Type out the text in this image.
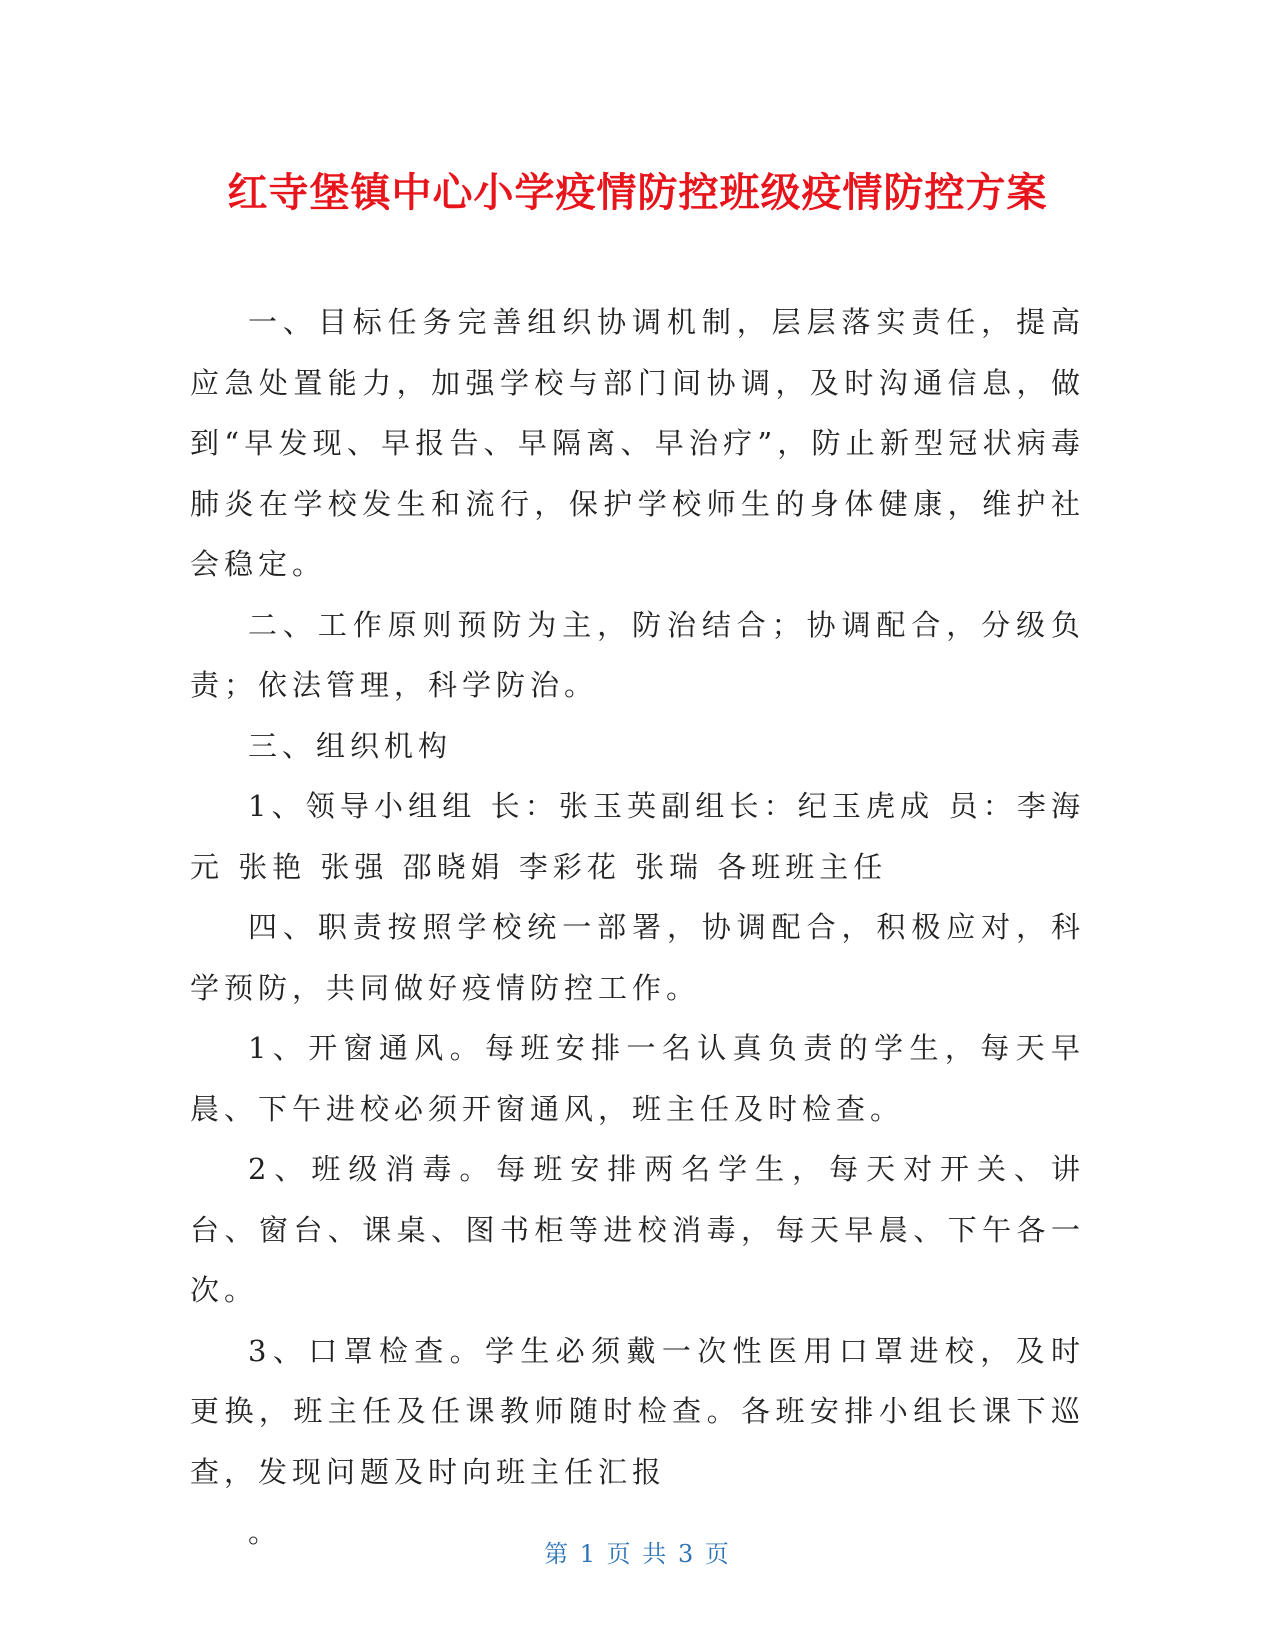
红寺堡镇中心小学疫情防控班级疫情防控方案

一、目标任务完善组织协调机制，层层落实责任，提高应急处置能力，加强学校与部门间协调，及时沟通信息，做到“早发现、早报告、早隔离、早治疗”，防止新型冠状病毒肺炎在学校发生和流行，保护学校师生的身体健康，维护社会稳定。

二、工作原则预防为主，防治结合；协调配合，分级负责；依法管理，科学防治。

三、组织机构

1、领导小组组 长：张玉英副组长：纪玉虎成 员：李海元 张艳 张强 邵晓娟 李彩花 张瑞 各班班主任

四、职责按照学校统一部署，协调配合，积极应对，科学预防，共同做好疫情防控工作。

1、开窗通风。每班安排一名认真负责的学生，每天早晨、下午进校必须开窗通风，班主任及时检查。

2、班级消毒。每班安排两名学生，每天对开关、讲台、窗台、课桌、图书柜等进校消毒，每天早晨、下午各一次。

3、口罩检查。学生必须戴一次性医用口罩进校，及时更换，班主任及任课教师随时检查。各班安排小组长课下巡查，发现问题及时向班主任汇报

。

第 1 页 共 3 页
